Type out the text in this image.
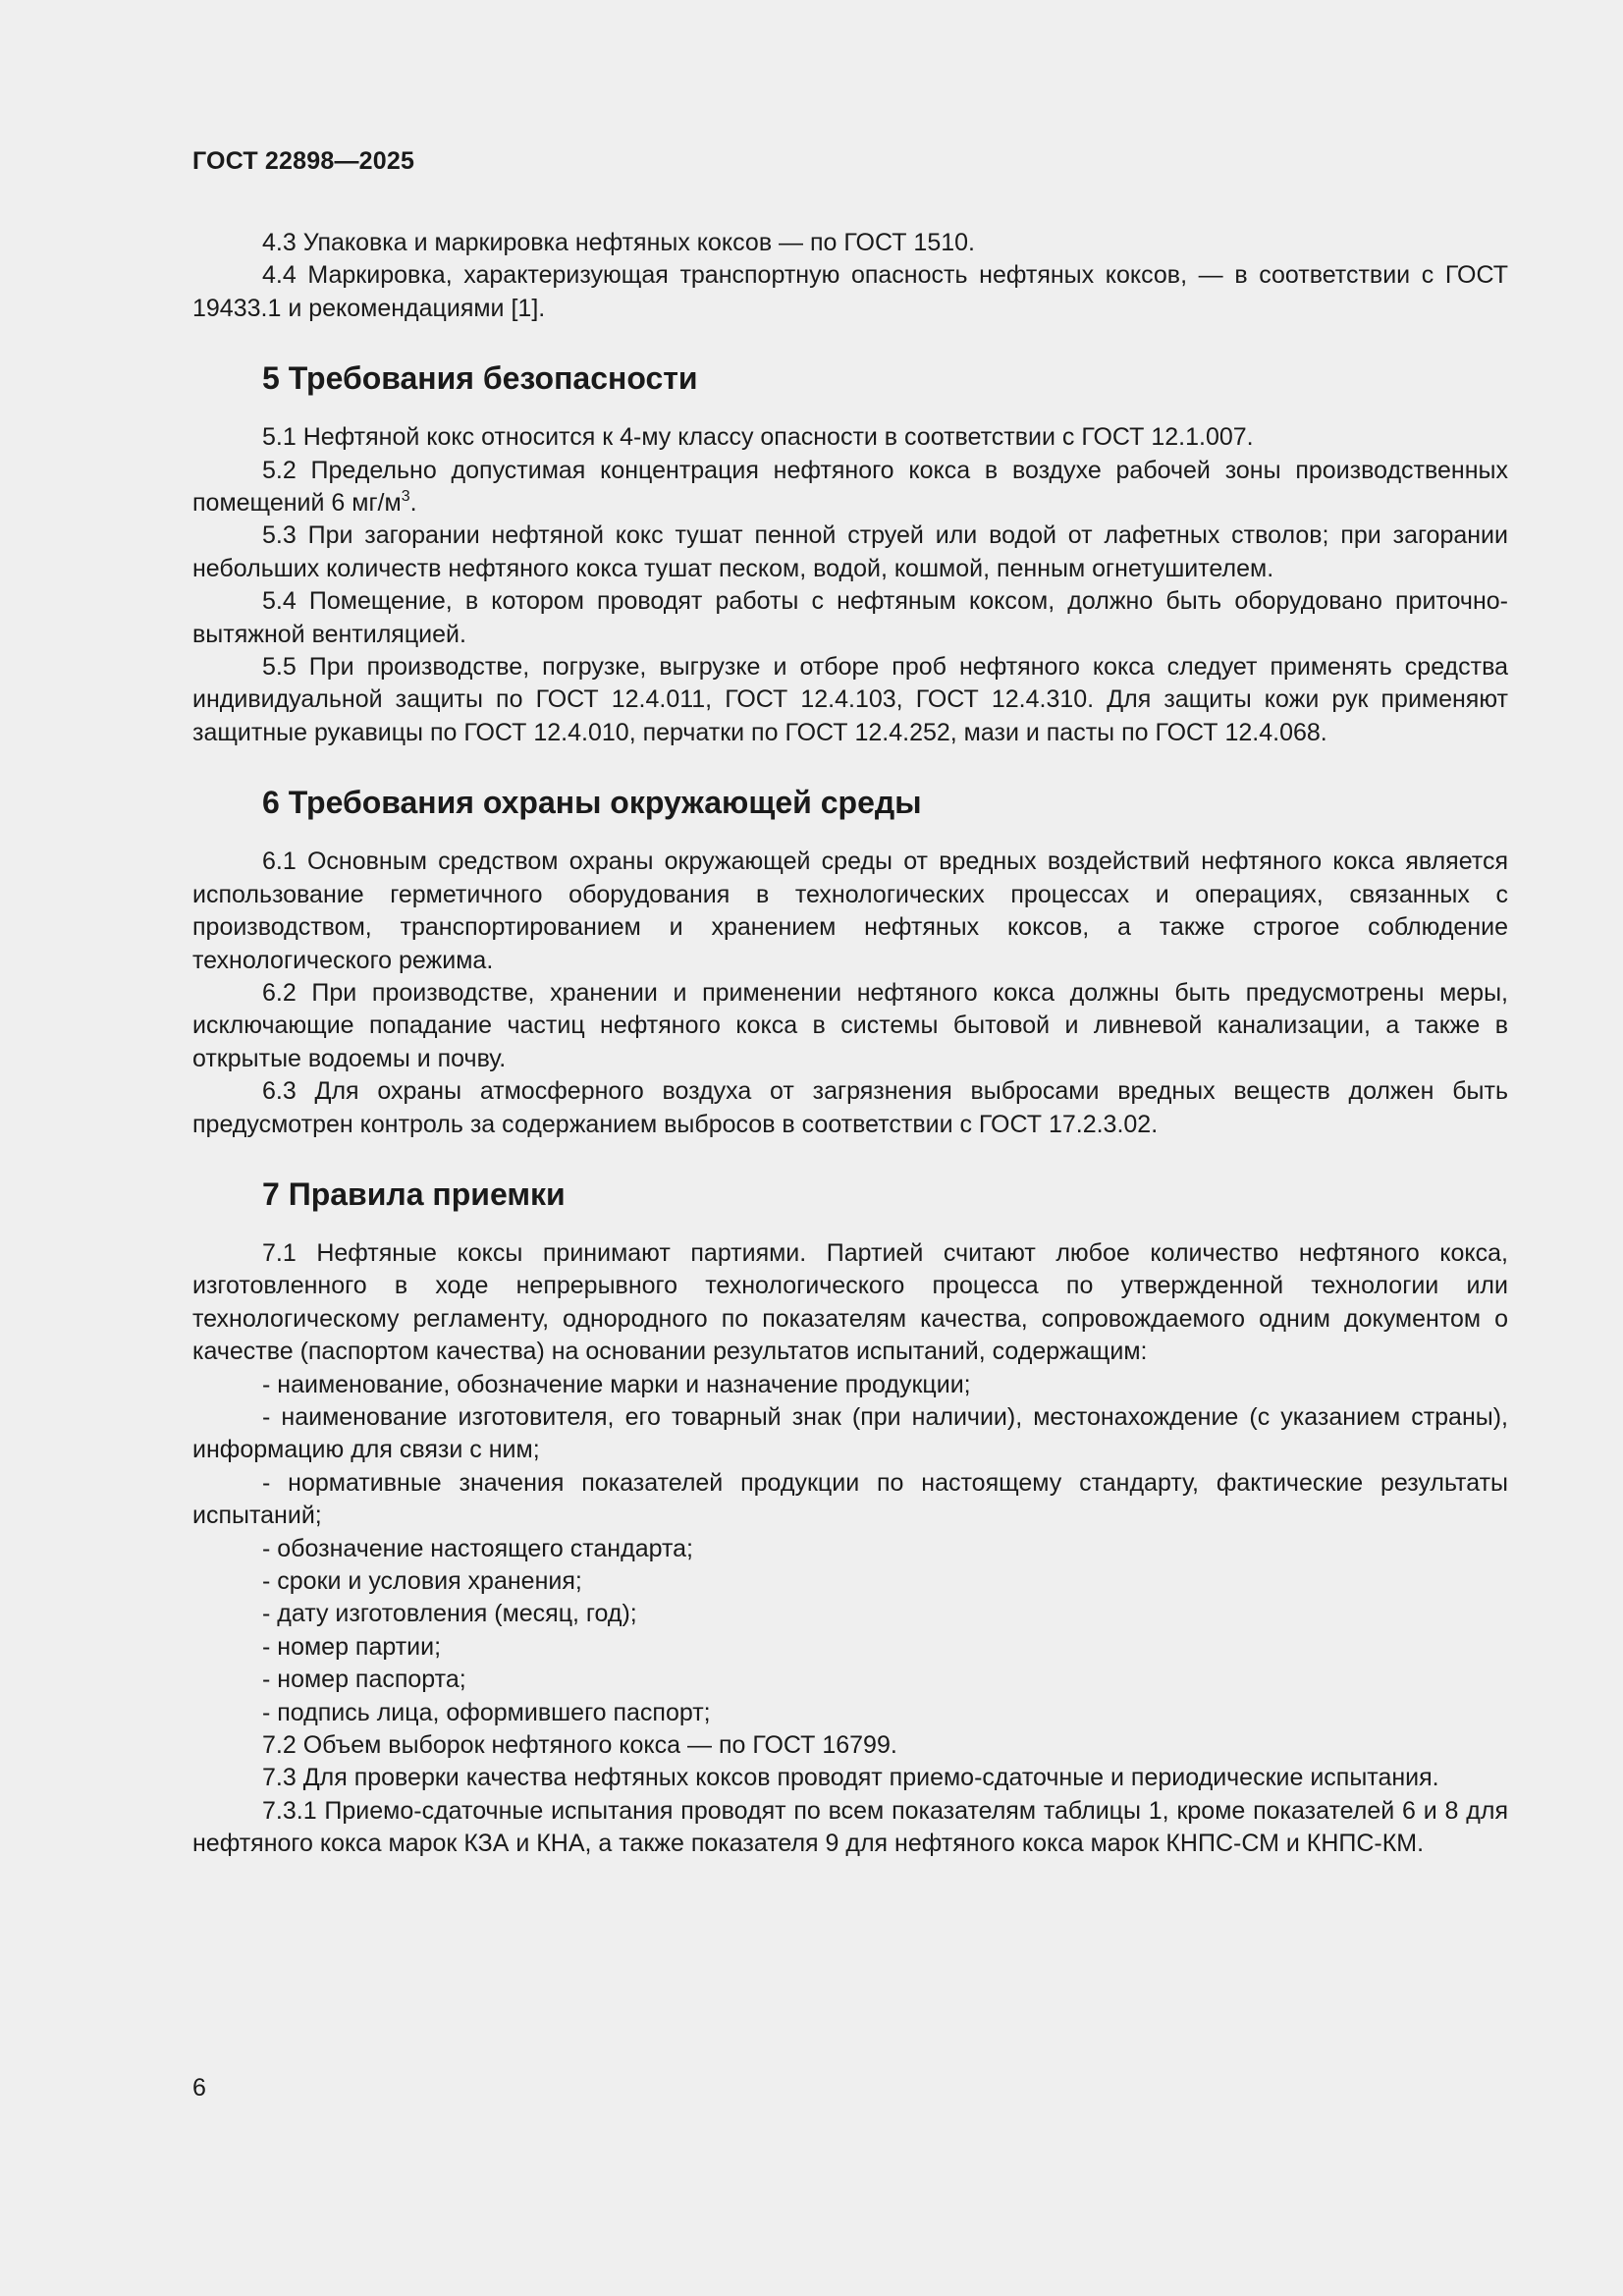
ГОСТ 22898—2025

4.3 Упаковка и маркировка нефтяных коксов — по ГОСТ 1510.

4.4 Маркировка, характеризующая транспортную опасность нефтяных коксов, — в соответствии с ГОСТ 19433.1 и рекомендациями [1].

5 Требования безопасности

5.1 Нефтяной кокс относится к 4-му классу опасности в соответствии с ГОСТ 12.1.007.

5.2 Предельно допустимая концентрация нефтяного кокса в воздухе рабочей зоны производственных помещений 6 $мг/м^3$.

5.3 При загорании нефтяной кокс тушат пенной струей или водой от лафетных стволов; при загорании небольших количеств нефтяного кокса тушат песком, водой, кошмой, пенным огнетушителем.

5.4 Помещение, в котором проводят работы с нефтяным коксом, должно быть оборудовано приточно-вытяжной вентиляцией.

5.5 При производстве, погрузке, выгрузке и отборе проб нефтяного кокса следует применять средства индивидуальной защиты по ГОСТ 12.4.011, ГОСТ 12.4.103, ГОСТ 12.4.310. Для защиты кожи рук применяют защитные рукавицы по ГОСТ 12.4.010, перчатки по ГОСТ 12.4.252, мази и пасты по ГОСТ 12.4.068.

6 Требования охраны окружающей среды

6.1 Основным средством охраны окружающей среды от вредных воздействий нефтяного кокса является использование герметичного оборудования в технологических процессах и операциях, связанных с производством, транспортированием и хранением нефтяных коксов, а также строгое соблюдение технологического режима.

6.2 При производстве, хранении и применении нефтяного кокса должны быть предусмотрены меры, исключающие попадание частиц нефтяного кокса в системы бытовой и ливневой канализации, а также в открытые водоемы и почву.

6.3 Для охраны атмосферного воздуха от загрязнения выбросами вредных веществ должен быть предусмотрен контроль за содержанием выбросов в соответствии с ГОСТ 17.2.3.02.

7 Правила приемки

7.1 Нефтяные коксы принимают партиями. Партией считают любое количество нефтяного кокса, изготовленного в ходе непрерывного технологического процесса по утвержденной технологии или технологическому регламенту, однородного по показателям качества, сопровождаемого одним документом о качестве (паспортом качества) на основании результатов испытаний, содержащим:

- наименование, обозначение марки и назначение продукции;

- наименование изготовителя, его товарный знак (при наличии), местонахождение (с указанием страны), информацию для связи с ним;

- нормативные значения показателей продукции по настоящему стандарту, фактические результаты испытаний;

- обозначение настоящего стандарта;

- сроки и условия хранения;

- дату изготовления (месяц, год);

- номер партии;

- номер паспорта;

- подпись лица, оформившего паспорт;

7.2 Объем выборок нефтяного кокса — по ГОСТ 16799.

7.3 Для проверки качества нефтяных коксов проводят приемо-сдаточные и периодические испытания.

7.3.1 Приемо-сдаточные испытания проводят по всем показателям таблицы 1, кроме показателей 6 и 8 для нефтяного кокса марок КЗА и КНА, а также показателя 9 для нефтяного кокса марок КНПС-СМ и КНПС-КМ.

6
